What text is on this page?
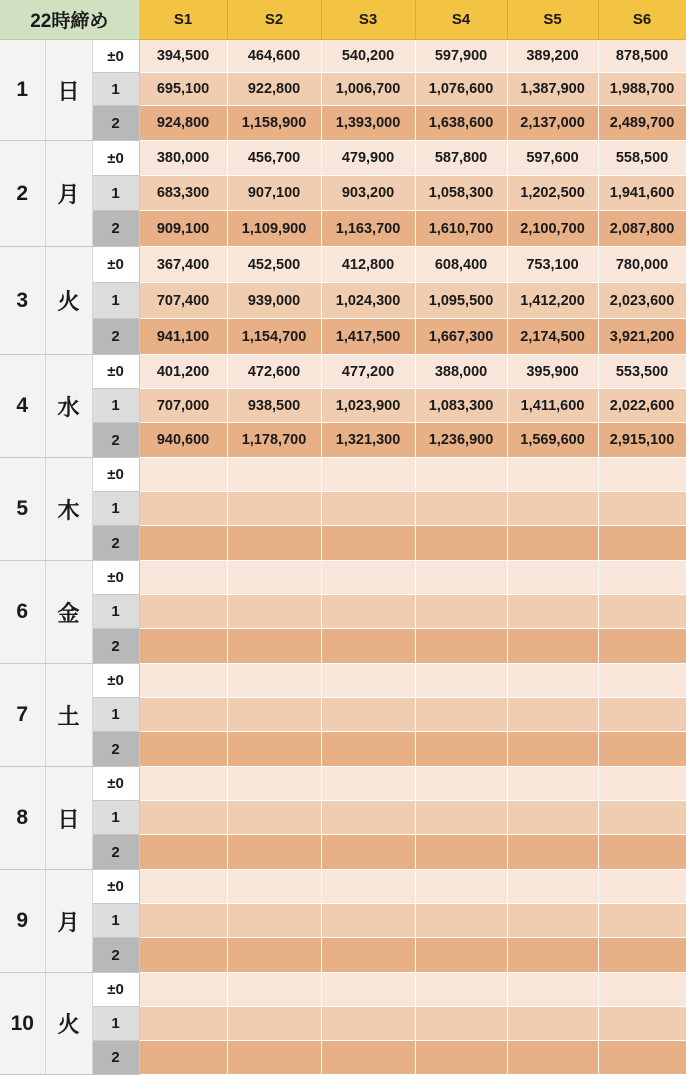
22時締め			S1	S2	S3	S4	S5	S6
1	日	±0	394,500	464,600	540,200	597,900	389,200	878,500
		1	695,100	922,800	1,006,700	1,076,600	1,387,900	1,988,700
		2	924,800	1,158,900	1,393,000	1,638,600	2,137,000	2,489,700
2	月	±0	380,000	456,700	479,900	587,800	597,600	558,500
		1	683,300	907,100	903,200	1,058,300	1,202,500	1,941,600
		2	909,100	1,109,900	1,163,700	1,610,700	2,100,700	2,087,800
3	火	±0	367,400	452,500	412,800	608,400	753,100	780,000
		1	707,400	939,000	1,024,300	1,095,500	1,412,200	2,023,600
		2	941,100	1,154,700	1,417,500	1,667,300	2,174,500	3,921,200
4	水	±0	401,200	472,600	477,200	388,000	395,900	553,500
		1	707,000	938,500	1,023,900	1,083,300	1,411,600	2,022,600
		2	940,600	1,178,700	1,321,300	1,236,900	1,569,600	2,915,100
5	木	±0						
		1						
		2						
6	金	±0						
		1						
		2						
7	土	±0						
		1						
		2						
8	日	±0						
		1						
		2						
9	月	±0						
		1						
		2						
10	火	±0						
		1						
		2						
